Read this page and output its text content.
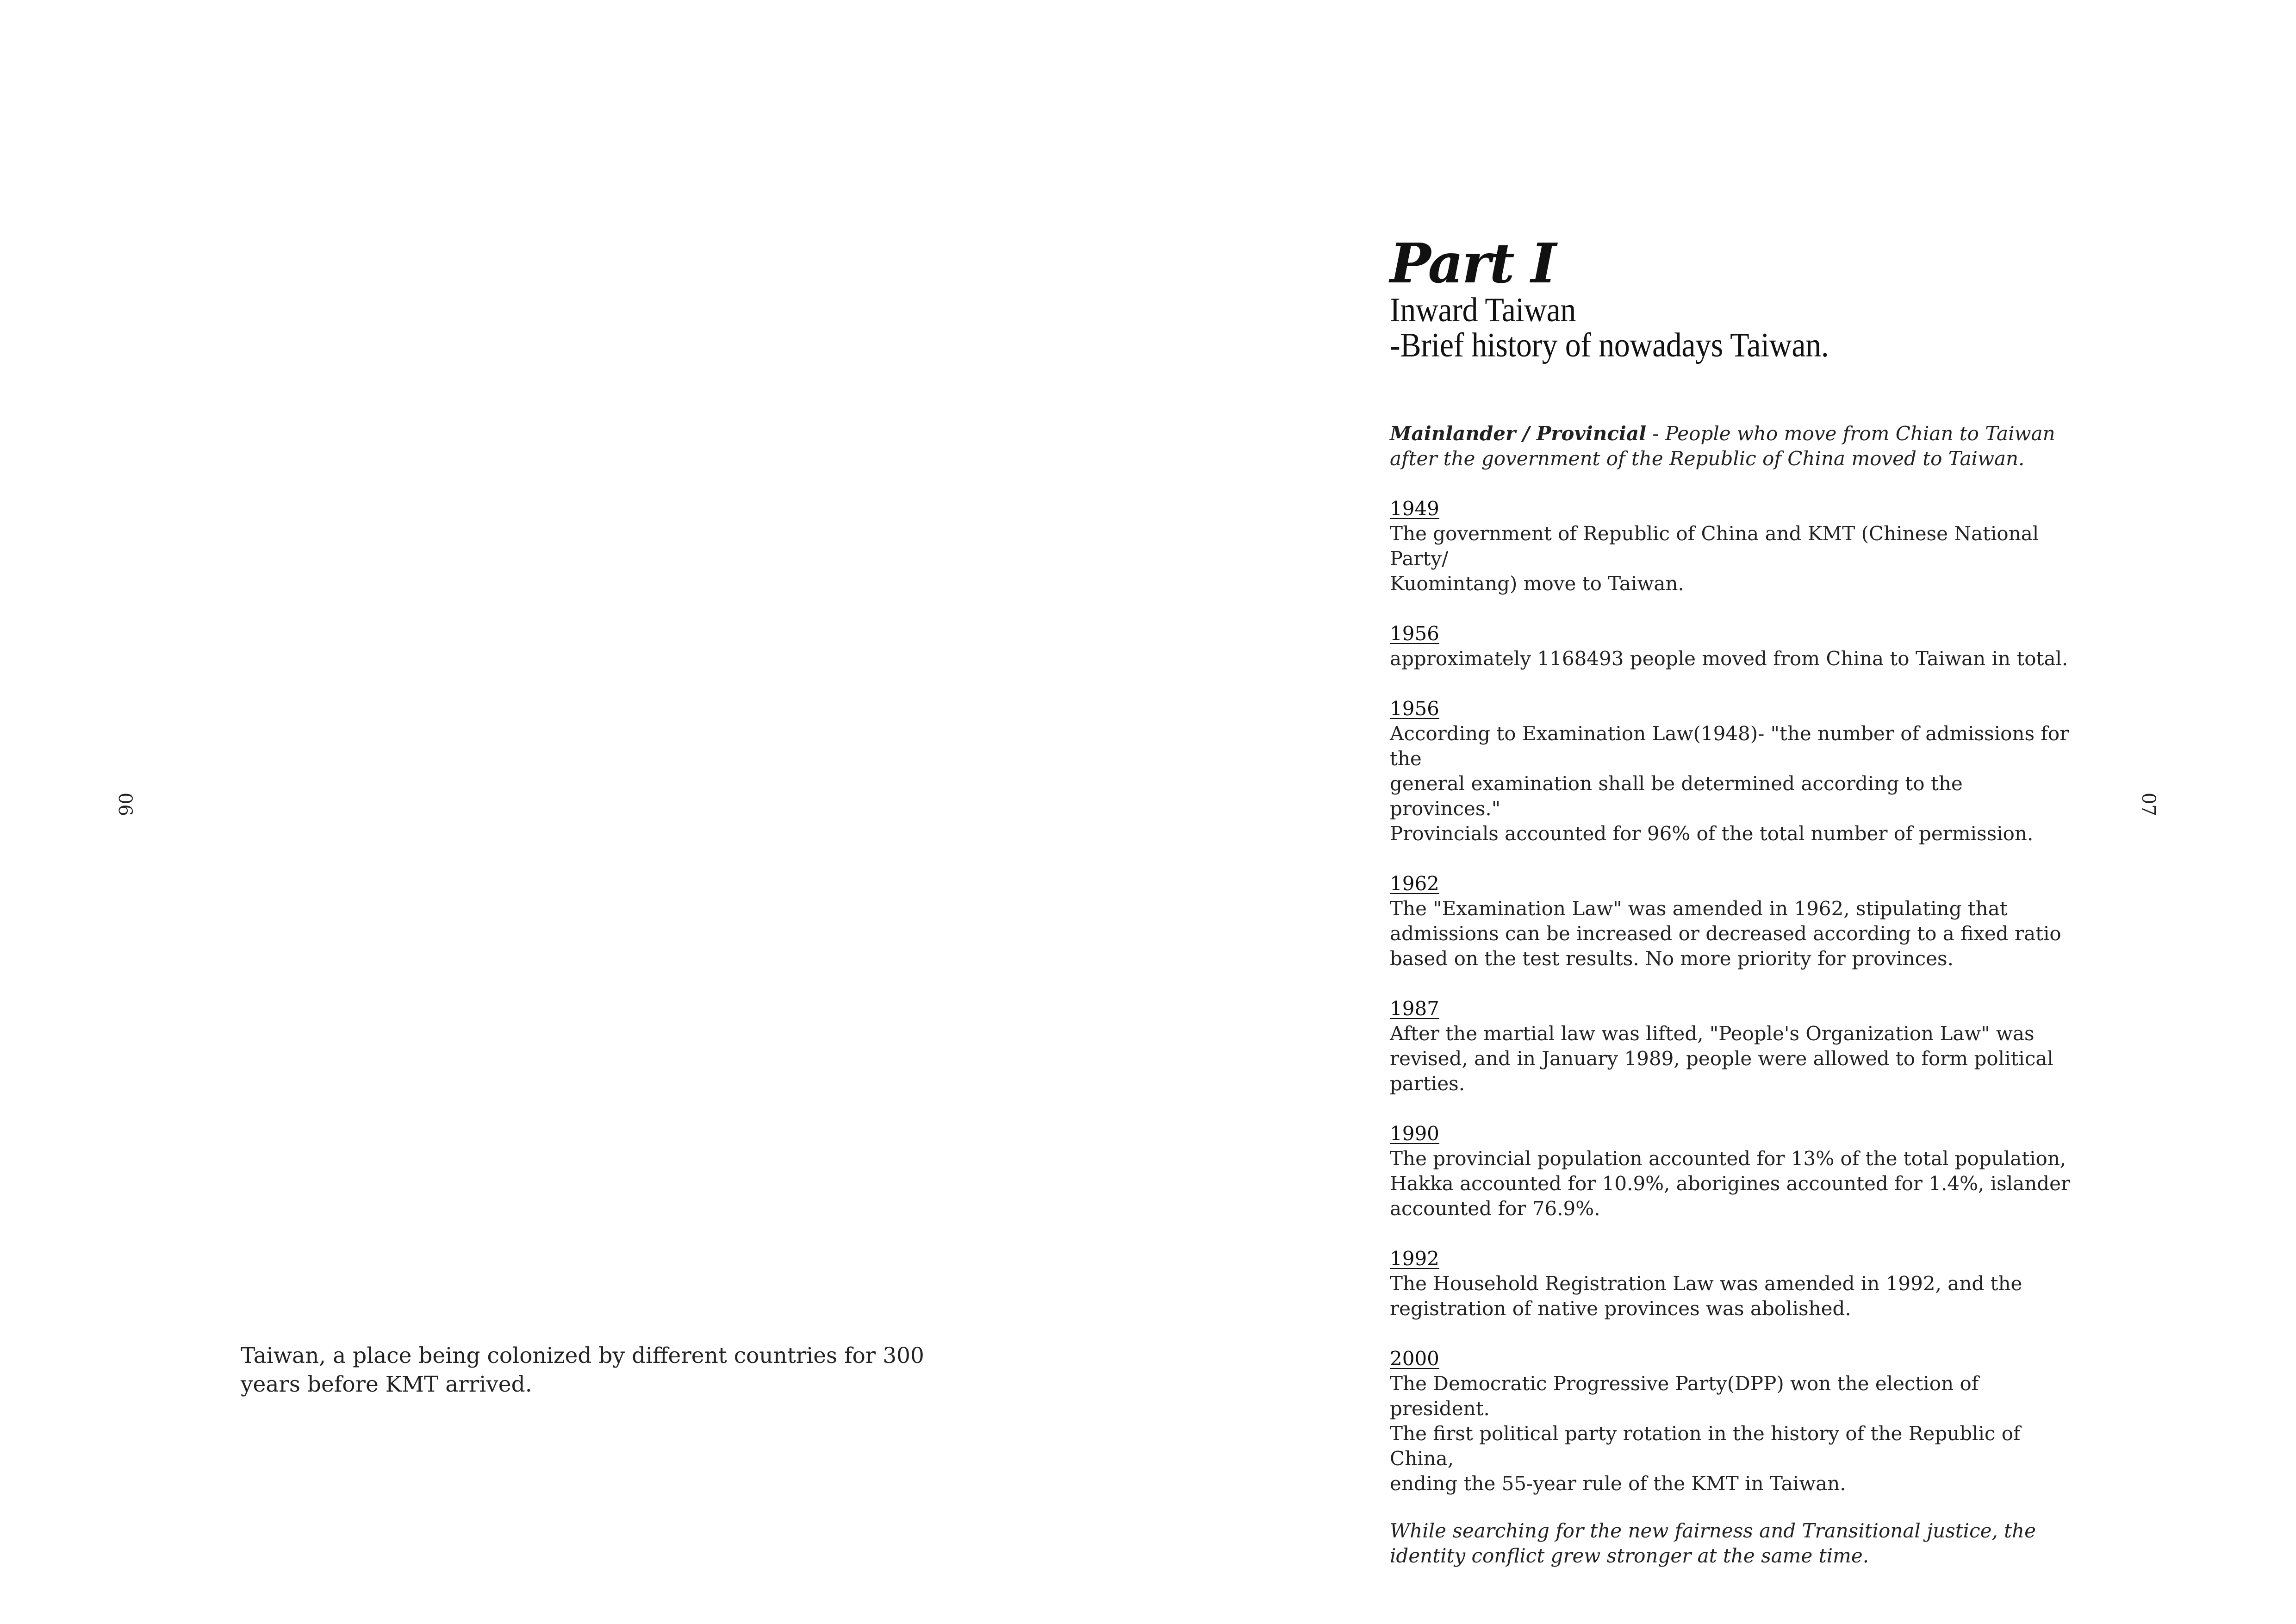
06
Taiwan, a place being colonized by different countries for 300 years before KMT arrived.
07
Part I
Inward Taiwan
-Brief history of nowadays Taiwan.

Mainlander / Provincial - People who move from Chian to Taiwan after the government of the Republic of China moved to Taiwan.

1949
The government of Republic of China and KMT (Chinese National Party/
Kuomintang) move to Taiwan.
1956
approximately 1168493 people moved from China to Taiwan in total.
1956
According to Examination Law(1948)- "the number of admissions for the
general examination shall be determined according to the provinces."
Provincials accounted for 96% of the total number of permission.
1962
The "Examination Law" was amended in 1962, stipulating that
admissions can be increased or decreased according to a fixed ratio
based on the test results. No more priority for provinces.
1987
After the martial law was lifted, "People's Organization Law" was
revised, and in January 1989, people were allowed to form political
parties.
1990
The provincial population accounted for 13% of the total population,
Hakka accounted for 10.9%, aborigines accounted for 1.4%, islander
accounted for 76.9%.
1992
The Household Registration Law was amended in 1992, and the
registration of native provinces was abolished.
2000
The Democratic Progressive Party(DPP) won the election of president.
The first political party rotation in the history of the Republic of China,
ending the 55-year rule of the KMT in Taiwan.
While searching for the new fairness and Transitional justice, the
identity conflict grew stronger at the same time.
